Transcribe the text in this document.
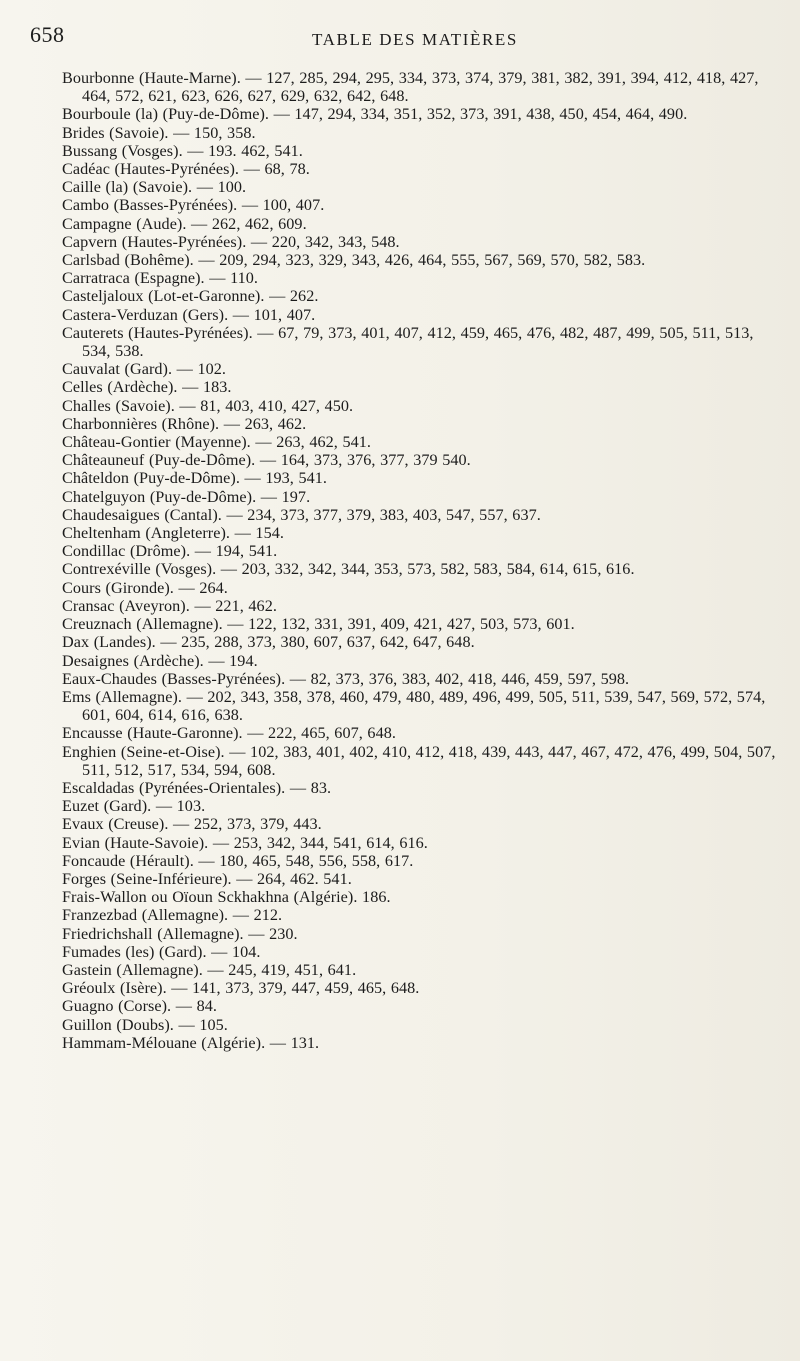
658	TABLE DES MATIÈRES
Bourbonne (Haute-Marne). — 127, 285, 294, 295, 334, 373, 374, 379, 381, 382, 391, 394, 412, 418, 427, 464, 572, 621, 623, 626, 627, 629, 632, 642, 648.
Bourboule (la) (Puy-de-Dôme). — 147, 294, 334, 351, 352, 373, 391, 438, 450, 454, 464, 490.
Brides (Savoie). — 150, 358.
Bussang (Vosges). — 193. 462, 541.
Cadéac (Hautes-Pyrénées). — 68, 78.
Caille (la) (Savoie). — 100.
Cambo (Basses-Pyrénées). — 100, 407.
Campagne (Aude). — 262, 462, 609.
Capvern (Hautes-Pyrénées). — 220, 342, 343, 548.
Carlsbad (Bohême). — 209, 294, 323, 329, 343, 426, 464, 555, 567, 569, 570, 582, 583.
Carratraca (Espagne). — 110.
Casteljaloux (Lot-et-Garonne). — 262.
Castera-Verduzan (Gers). — 101, 407.
Cauterets (Hautes-Pyrénées). — 67, 79, 373, 401, 407, 412, 459, 465, 476, 482, 487, 499, 505, 511, 513, 534, 538.
Cauvalat (Gard). — 102.
Celles (Ardèche). — 183.
Challes (Savoie). — 81, 403, 410, 427, 450.
Charbonnières (Rhône). — 263, 462.
Château-Gontier (Mayenne). — 263, 462, 541.
Châteauneuf (Puy-de-Dôme). — 164, 373, 376, 377, 379 540.
Châteldon (Puy-de-Dôme). — 193, 541.
Chatelguyon (Puy-de-Dôme). — 197.
Chaudesaigues (Cantal). — 234, 373, 377, 379, 383, 403, 547, 557, 637.
Cheltenham (Angleterre). — 154.
Condillac (Drôme). — 194, 541.
Contrexéville (Vosges). — 203, 332, 342, 344, 353, 573, 582, 583, 584, 614, 615, 616.
Cours (Gironde). — 264.
Cransac (Aveyron). — 221, 462.
Creuznach (Allemagne). — 122, 132, 331, 391, 409, 421, 427, 503, 573, 601.
Dax (Landes). — 235, 288, 373, 380, 607, 637, 642, 647, 648.
Desaignes (Ardèche). — 194.
Eaux-Chaudes (Basses-Pyrénées). — 82, 373, 376, 383, 402, 418, 446, 459, 597, 598.
Ems (Allemagne). — 202, 343, 358, 378, 460, 479, 480, 489, 496, 499, 505, 511, 539, 547, 569, 572, 574, 601, 604, 614, 616, 638.
Encausse (Haute-Garonne). — 222, 465, 607, 648.
Enghien (Seine-et-Oise). — 102, 383, 401, 402, 410, 412, 418, 439, 443, 447, 467, 472, 476, 499, 504, 507, 511, 512, 517, 534, 594, 608.
Escaldadas (Pyrénées-Orientales). — 83.
Euzet (Gard). — 103.
Evaux (Creuse). — 252, 373, 379, 443.
Evian (Haute-Savoie). — 253, 342, 344, 541, 614, 616.
Foncaude (Hérault). — 180, 465, 548, 556, 558, 617.
Forges (Seine-Inférieure). — 264, 462. 541.
Frais-Wallon ou Oïoun Sckhakhna (Algérie). 186.
Franzezbad (Allemagne). — 212.
Friedrichshall (Allemagne). — 230.
Fumades (les) (Gard). — 104.
Gastein (Allemagne). — 245, 419, 451, 641.
Gréoulx (Isère). — 141, 373, 379, 447, 459, 465, 648.
Guagno (Corse). — 84.
Guillon (Doubs). — 105.
Hammam-Mélouane (Algérie). — 131.
